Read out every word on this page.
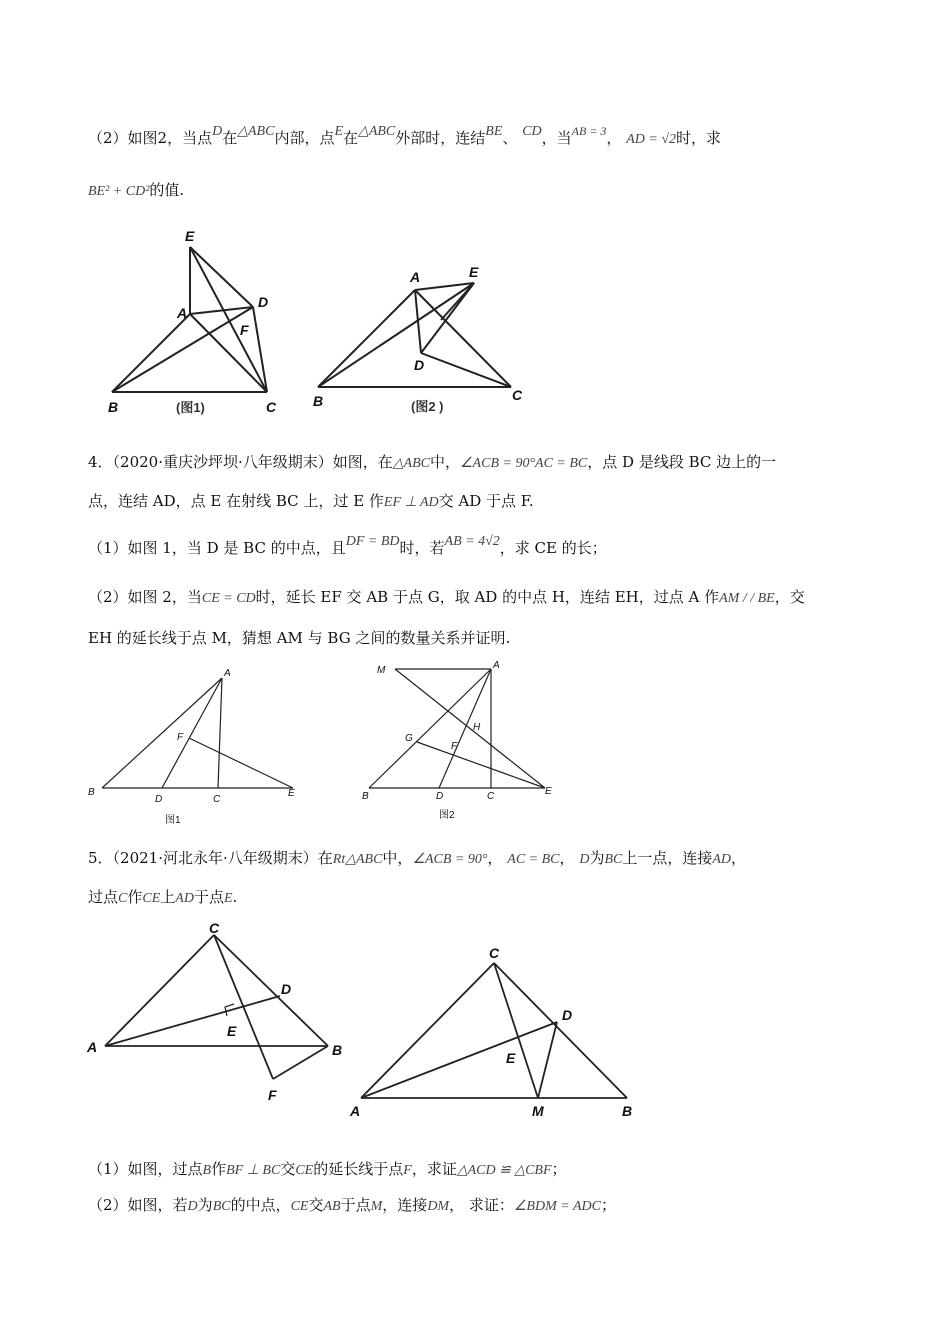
（2）如图2，当点D在△ABC内部，点E在△ABC外部时，连结BE、 CD，当$^{AB = 3}$， AD = √2时，求
BE² + CD²的值.
E
A
D
F
B	C
(图1)
A	E
D
B	C
(图2 )
4．（2020·重庆沙坪坝·八年级期末）如图，在△ABC中，∠ACB = 90°AC = BC，点 D 是线段 BC 边上的一
点，连结 AD，点 E 在射线 BC 上，过 E 作EF ⊥ AD交 AD 于点 F.
（1）如图 1，当 D 是 BC 的中点，且DF = BD时，若AB = 4√2，求 CE 的长；
（2）如图 2，当CE = CD时，延长 EF 交 AB 于点 G，取 AD 的中点 H，连结 EH，过点 A 作AM / / BE，交
EH 的延长线于点 M，猜想 AM 与 BG 之间的数量关系并证明.
A
F
B
D	C
E
图1
M	A
H
G
F
B	D	C	E
图2
5．（2021·河北永年·八年级期末）在Rt△ABC中，∠ACB = 90°， AC = BC， D为BC上一点，连接AD，
过点C作CE上AD于点E.
C
D
E
A	B
F
C
D
E
A	M	B
（1）如图，过点B作BF ⊥ BC交CE的延长线于点F，求证△ACD ≌ △CBF；
（2）如图，若D为BC的中点，CE交AB于点M，连接DM， 求证：∠BDM = ADC；
